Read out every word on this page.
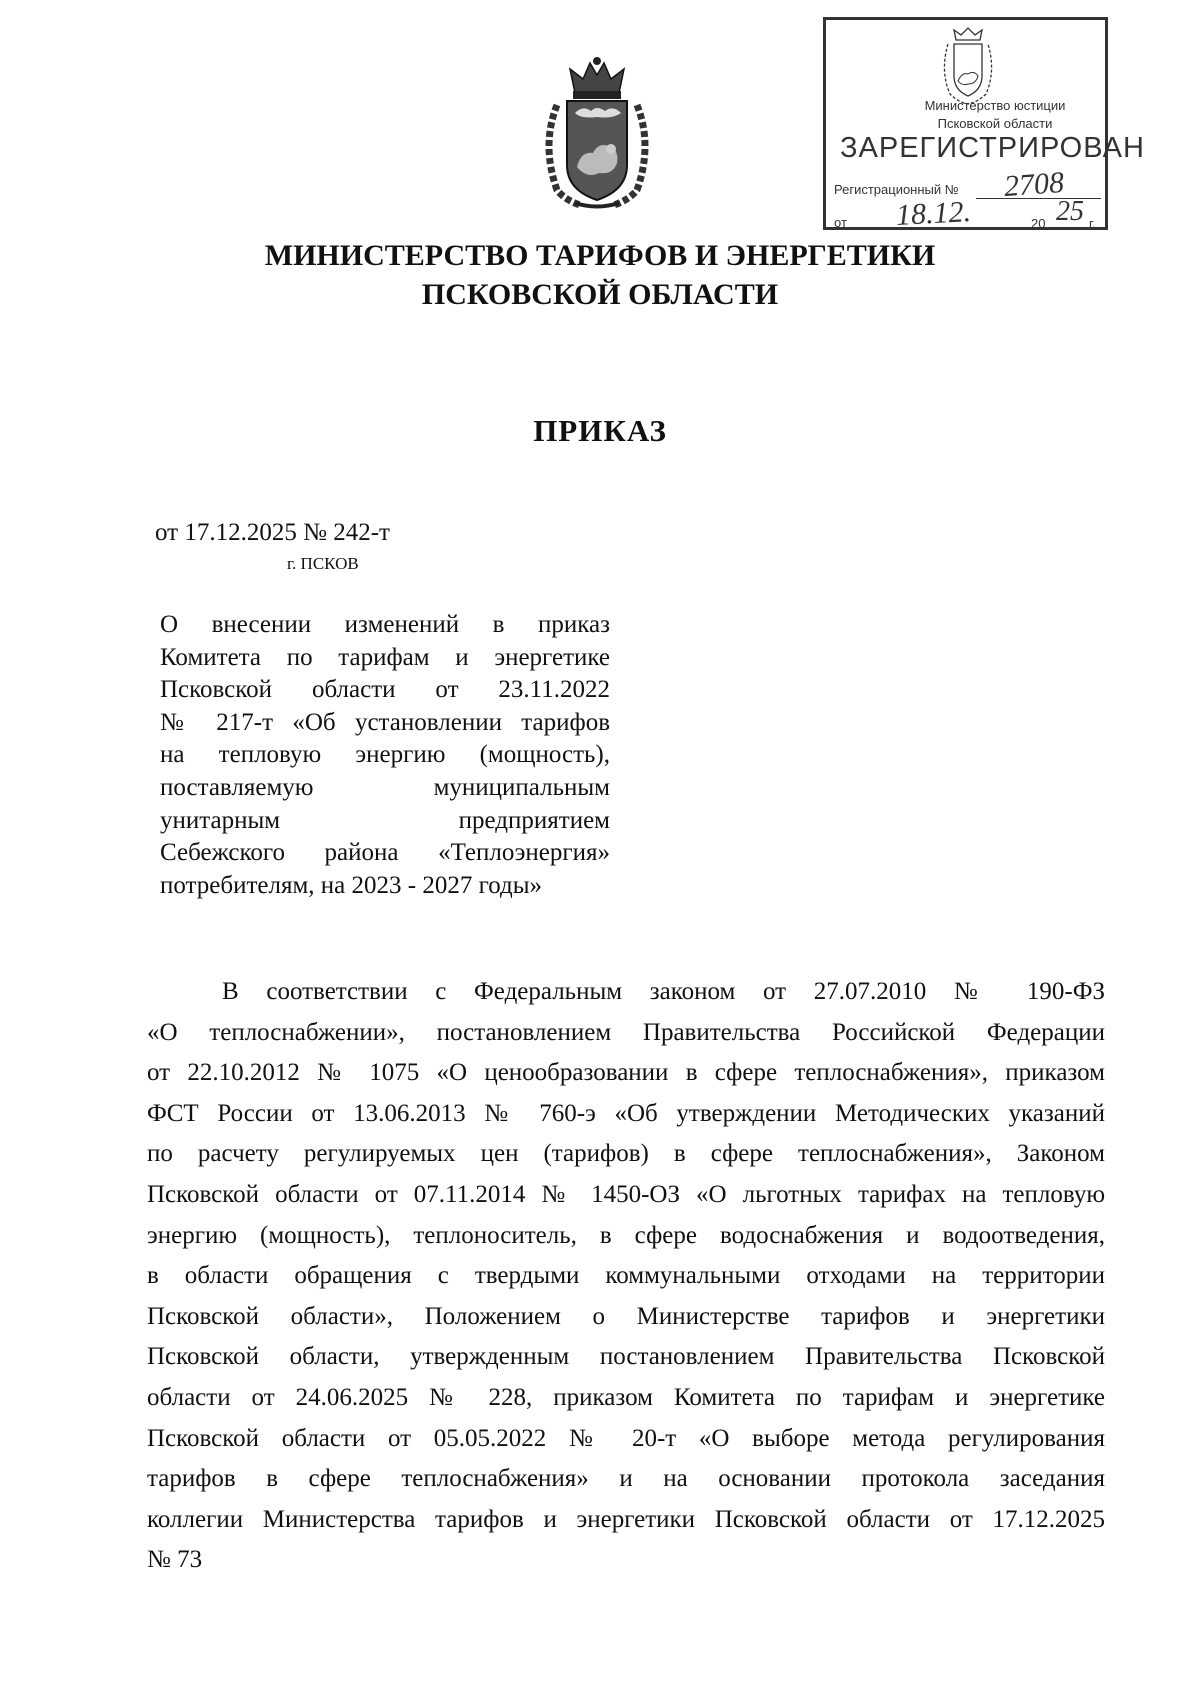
Министерство юстиции
Псковской области
ЗАРЕГИСТРИРОВАН
Регистрационный № 2708
от 18.12.	20 25 г.
МИНИСТЕРСТВО ТАРИФОВ И ЭНЕРГЕТИКИ
ПСКОВСКОЙ ОБЛАСТИ
ПРИКАЗ
от 17.12.2025 № 242-т
г. ПСКОВ
О внесении изменений в приказ
Комитета по тарифам и энергетике
Псковской области от 23.11.2022
№ 217-т «Об установлении тарифов
на тепловую энергию (мощность),
поставляемую муниципальным
унитарным предприятием
Себежского района «Теплоэнергия»
потребителям, на 2023 - 2027 годы»
В соответствии с Федеральным законом от 27.07.2010 № 190-ФЗ
«О теплоснабжении», постановлением Правительства Российской Федерации
от 22.10.2012 № 1075 «О ценообразовании в сфере теплоснабжения», приказом
ФСТ России от 13.06.2013 № 760-э «Об утверждении Методических указаний
по расчету регулируемых цен (тарифов) в сфере теплоснабжения», Законом
Псковской области от 07.11.2014 № 1450-ОЗ «О льготных тарифах на тепловую
энергию (мощность), теплоноситель, в сфере водоснабжения и водоотведения,
в области обращения с твердыми коммунальными отходами на территории
Псковской области», Положением о Министерстве тарифов и энергетики
Псковской области, утвержденным постановлением Правительства Псковской
области от 24.06.2025 № 228, приказом Комитета по тарифам и энергетике
Псковской области от 05.05.2022 № 20-т «О выборе метода регулирования
тарифов в сфере теплоснабжения» и на основании протокола заседания
коллегии Министерства тарифов и энергетики Псковской области от 17.12.2025
№ 73
